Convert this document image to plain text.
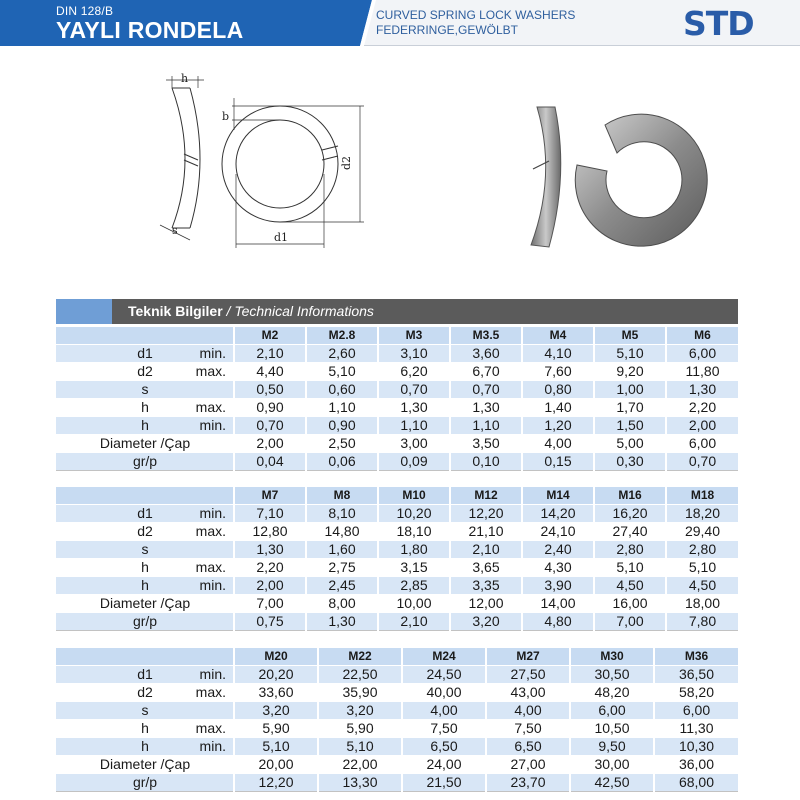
DIN 128/B
YAYLI RONDELA
CURVED SPRING LOCK WASHERS
FEDERRINGE,GEWÖLBT	STD
h
b
d2
d1
s
Teknik Bilgiler / Technical Informations
	M2	M2.8	M3	M3.5	M4	M5	M6

d1 min.	2,10	2,60	3,10	3,60	4,10	5,10	6,00

d2 max.	4,40	5,10	6,20	6,70	7,60	9,20	11,80

s	0,50	0,60	0,70	0,70	0,80	1,00	1,30

h max.	0,90	1,10	1,30	1,30	1,40	1,70	2,20

h min.	0,70	0,90	1,10	1,10	1,20	1,50	2,00

Diameter /Çap	2,00	2,50	3,00	3,50	4,00	5,00	6,00

gr/p	0,04	0,06	0,09	0,10	0,15	0,30	0,70
	M7	M8	M10	M12	M14	M16	M18

d1 min.	7,10	8,10	10,20	12,20	14,20	16,20	18,20

d2 max.	12,80	14,80	18,10	21,10	24,10	27,40	29,40

s	1,30	1,60	1,80	2,10	2,40	2,80	2,80

h max.	2,20	2,75	3,15	3,65	4,30	5,10	5,10

h min.	2,00	2,45	2,85	3,35	3,90	4,50	4,50

Diameter /Çap	7,00	8,00	10,00	12,00	14,00	16,00	18,00

gr/p	0,75	1,30	2,10	3,20	4,80	7,00	7,80
	M20	M22	M24	M27	M30	M36

d1 min.	20,20	22,50	24,50	27,50	30,50	36,50

d2 max.	33,60	35,90	40,00	43,00	48,20	58,20

s	3,20	3,20	4,00	4,00	6,00	6,00

h max.	5,90	5,90	7,50	7,50	10,50	11,30

h min.	5,10	5,10	6,50	6,50	9,50	10,30

Diameter /Çap	20,00	22,00	24,00	27,00	30,00	36,00

gr/p	12,20	13,30	21,50	23,70	42,50	68,00
